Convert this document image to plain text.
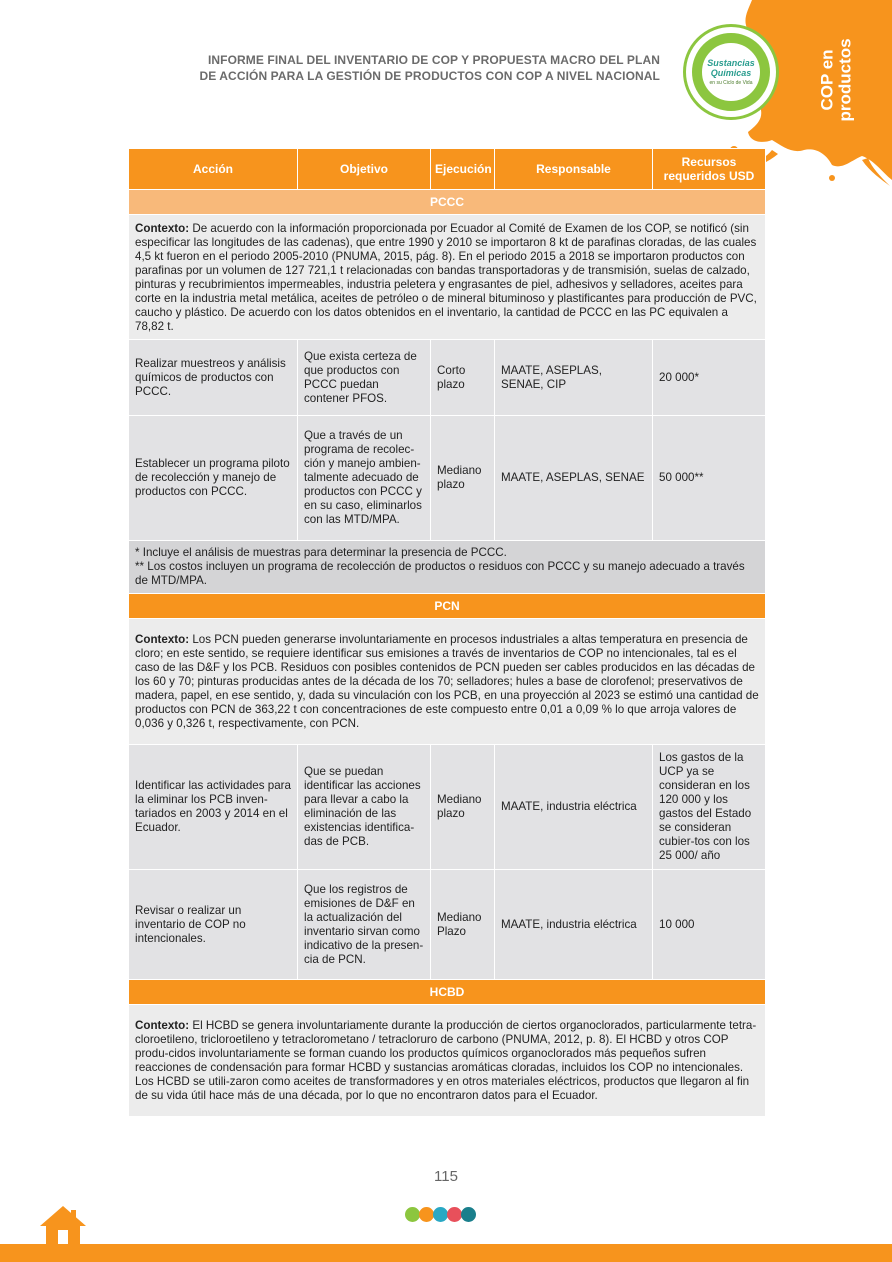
Sustancias Químicas
en su Ciclo de Vida	COP en
productos
INFORME FINAL DEL INVENTARIO DE COP Y PROPUESTA MACRO DEL PLAN
DE ACCIÓN PARA LA GESTIÓN DE PRODUCTOS CON COP A NIVEL NACIONAL
Acción	Objetivo	Ejecución	Responsable	Recursos requeridos USD
PCCC				
Contexto: De acuerdo con la información proporcionada por Ecuador al Comité de Examen de los COP, se notificó (sin especificar las longitudes de las cadenas), que entre 1990 y 2010 se importaron 8 kt de parafinas cloradas, de las cuales 4,5 kt fueron en el periodo 2005-2010 (PNUMA, 2015, pág. 8). En el periodo 2015 a 2018 se importaron productos con parafinas por un volumen de 127 721,1 t relacionadas con bandas transportadoras y de transmisión, suelas de calzado, pinturas y recubrimientos impermeables, industria peletera y engrasantes de piel, adhesivos y selladores, aceites para corte en la industria metal metálica, aceites de petróleo o de mineral bituminoso y plastificantes para producción de PVC, caucho y plástico. De acuerdo con los datos obtenidos en el inventario, la cantidad de PCCC en las PC equivalen a 78,82 t.				
Realizar muestreos y análisis químicos de productos con PCCC.	Que exista certeza de que productos con PCCC puedan contener PFOS.	Corto plazo	MAATE, ASEPLAS, SENAE, CIP	20 000*
Establecer un programa piloto de recolección y manejo de productos con PCCC.	Que a través de un programa de recolec-ción y manejo ambien-talmente adecuado de productos con PCCC y en su caso, eliminarlos con las MTD/MPA.	Mediano plazo	MAATE, ASEPLAS, SENAE	50 000**

* Incluye el análisis de muestras para determinar la presencia de PCCC.
** Los costos incluyen un programa de recolección de productos o residuos con PCCC y su manejo adecuado a través de MTD/MPA.				

PCN				
Contexto: Los PCN pueden generarse involuntariamente en procesos industriales a altas temperatura en presencia de cloro; en este sentido, se requiere identificar sus emisiones a través de inventarios de COP no intencionales, tal es el caso de las D&F y los PCB. Residuos con posibles contenidos de PCN pueden ser cables producidos en las décadas de los 60 y 70; pinturas producidas antes de la década de los 70; selladores; hules a base de clorofenol; preservativos de madera, papel, en ese sentido, y, dada su vinculación con los PCB, en una proyección al 2023 se estimó una cantidad de productos con PCN de 363,22 t con concentraciones de este compuesto entre 0,01 a 0,09 % lo que arroja valores de 0,036 y 0,326 t, respectivamente, con PCN.				
Identificar las actividades para la eliminar los PCB inven-tariados en 2003 y 2014 en el Ecuador.	Que se puedan identificar las acciones para llevar a cabo la eliminación de las existencias identifica-das de PCB.	Mediano plazo	MAATE, industria eléctrica	Los gastos de la UCP ya se consideran en los 120 000 y los gastos del Estado se consideran cubier-tos con los 25 000/ año
Revisar o realizar un inventario de COP no intencionales.	Que los registros de emisiones de D&F en la actualización del inventario sirvan como indicativo de la presen-cia de PCN.	Mediano Plazo	MAATE, industria eléctrica	10 000
HCBD				
Contexto: El HCBD se genera involuntariamente durante la producción de ciertos organoclorados, particularmente tetra-cloroetileno, tricloroetileno y tetraclorometano / tetracloruro de carbono (PNUMA, 2012, p. 8). El HCBD y otros COP produ-cidos involuntariamente se forman cuando los productos químicos organoclorados más pequeños sufren reacciones de condensación para formar HCBD y sustancias aromáticas cloradas, incluidos los COP no intencionales. Los HCBD se utili-zaron como aceites de transformadores y en otros materiales eléctricos, productos que llegaron al fin de su vida útil hace más de una década, por lo que no encontraron datos para el Ecuador.				
115
